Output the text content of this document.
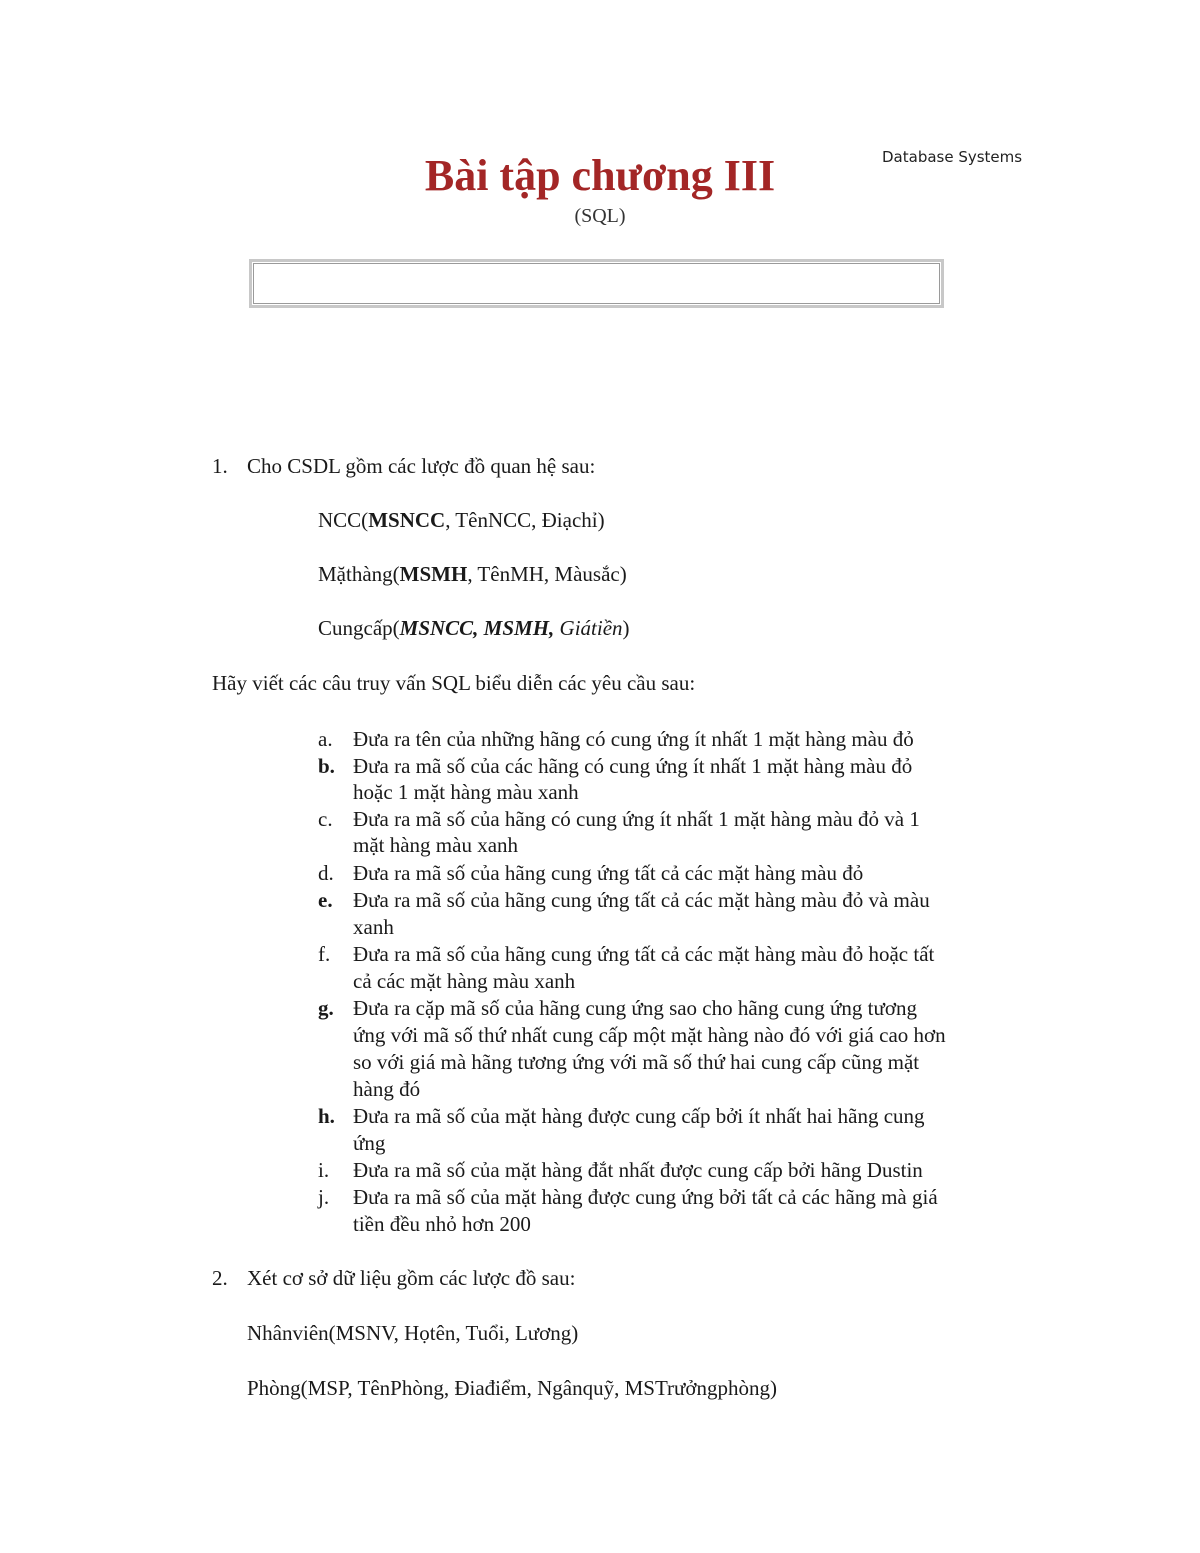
Database Systems
Bài tập chương III
(SQL)
1. Cho CSDL gồm các lược đồ quan hệ sau:
NCC(MSNCC, TênNCC, Điạchỉ)
Mặthàng(MSMH, TênMH, Màusắc)
Cungcấp(MSNCC, MSMH, Giátiền)
Hãy viết các câu truy vấn SQL biểu diễn các yêu cầu sau:
a. Đưa ra tên của những hãng có cung ứng ít nhất 1 mặt hàng màu đỏ
b. Đưa ra mã số của các hãng có cung ứng ít nhất 1 mặt hàng màu đỏ
hoặc 1 mặt hàng màu xanh
c. Đưa ra mã số của hãng có cung ứng ít nhất 1 mặt hàng màu đỏ và 1
mặt hàng màu xanh
d. Đưa ra mã số của hãng cung ứng tất cả các mặt hàng màu đỏ
e. Đưa ra mã số của hãng cung ứng tất cả các mặt hàng màu đỏ và màu
xanh
f. Đưa ra mã số của hãng cung ứng tất cả các mặt hàng màu đỏ hoặc tất
cả các mặt hàng màu xanh
g. Đưa ra cặp mã số của hãng cung ứng sao cho hãng cung ứng tương
ứng với mã số thứ nhất cung cấp một mặt hàng nào đó với giá cao hơn
so với giá mà hãng tương ứng với mã số thứ hai cung cấp cũng mặt
hàng đó
h. Đưa ra mã số của mặt hàng được cung cấp bởi ít nhất hai hãng cung
ứng
i. Đưa ra mã số của mặt hàng đắt nhất được cung cấp bởi hãng Dustin
j. Đưa ra mã số của mặt hàng được cung ứng bởi tất cả các hãng mà giá
tiền đều nhỏ hơn 200
2. Xét cơ sở dữ liệu gồm các lược đồ sau:
Nhânviên(MSNV, Họtên, Tuổi, Lương)
Phòng(MSP, TênPhòng, Điađiểm, Ngânquỹ, MSTrưởngphòng)
